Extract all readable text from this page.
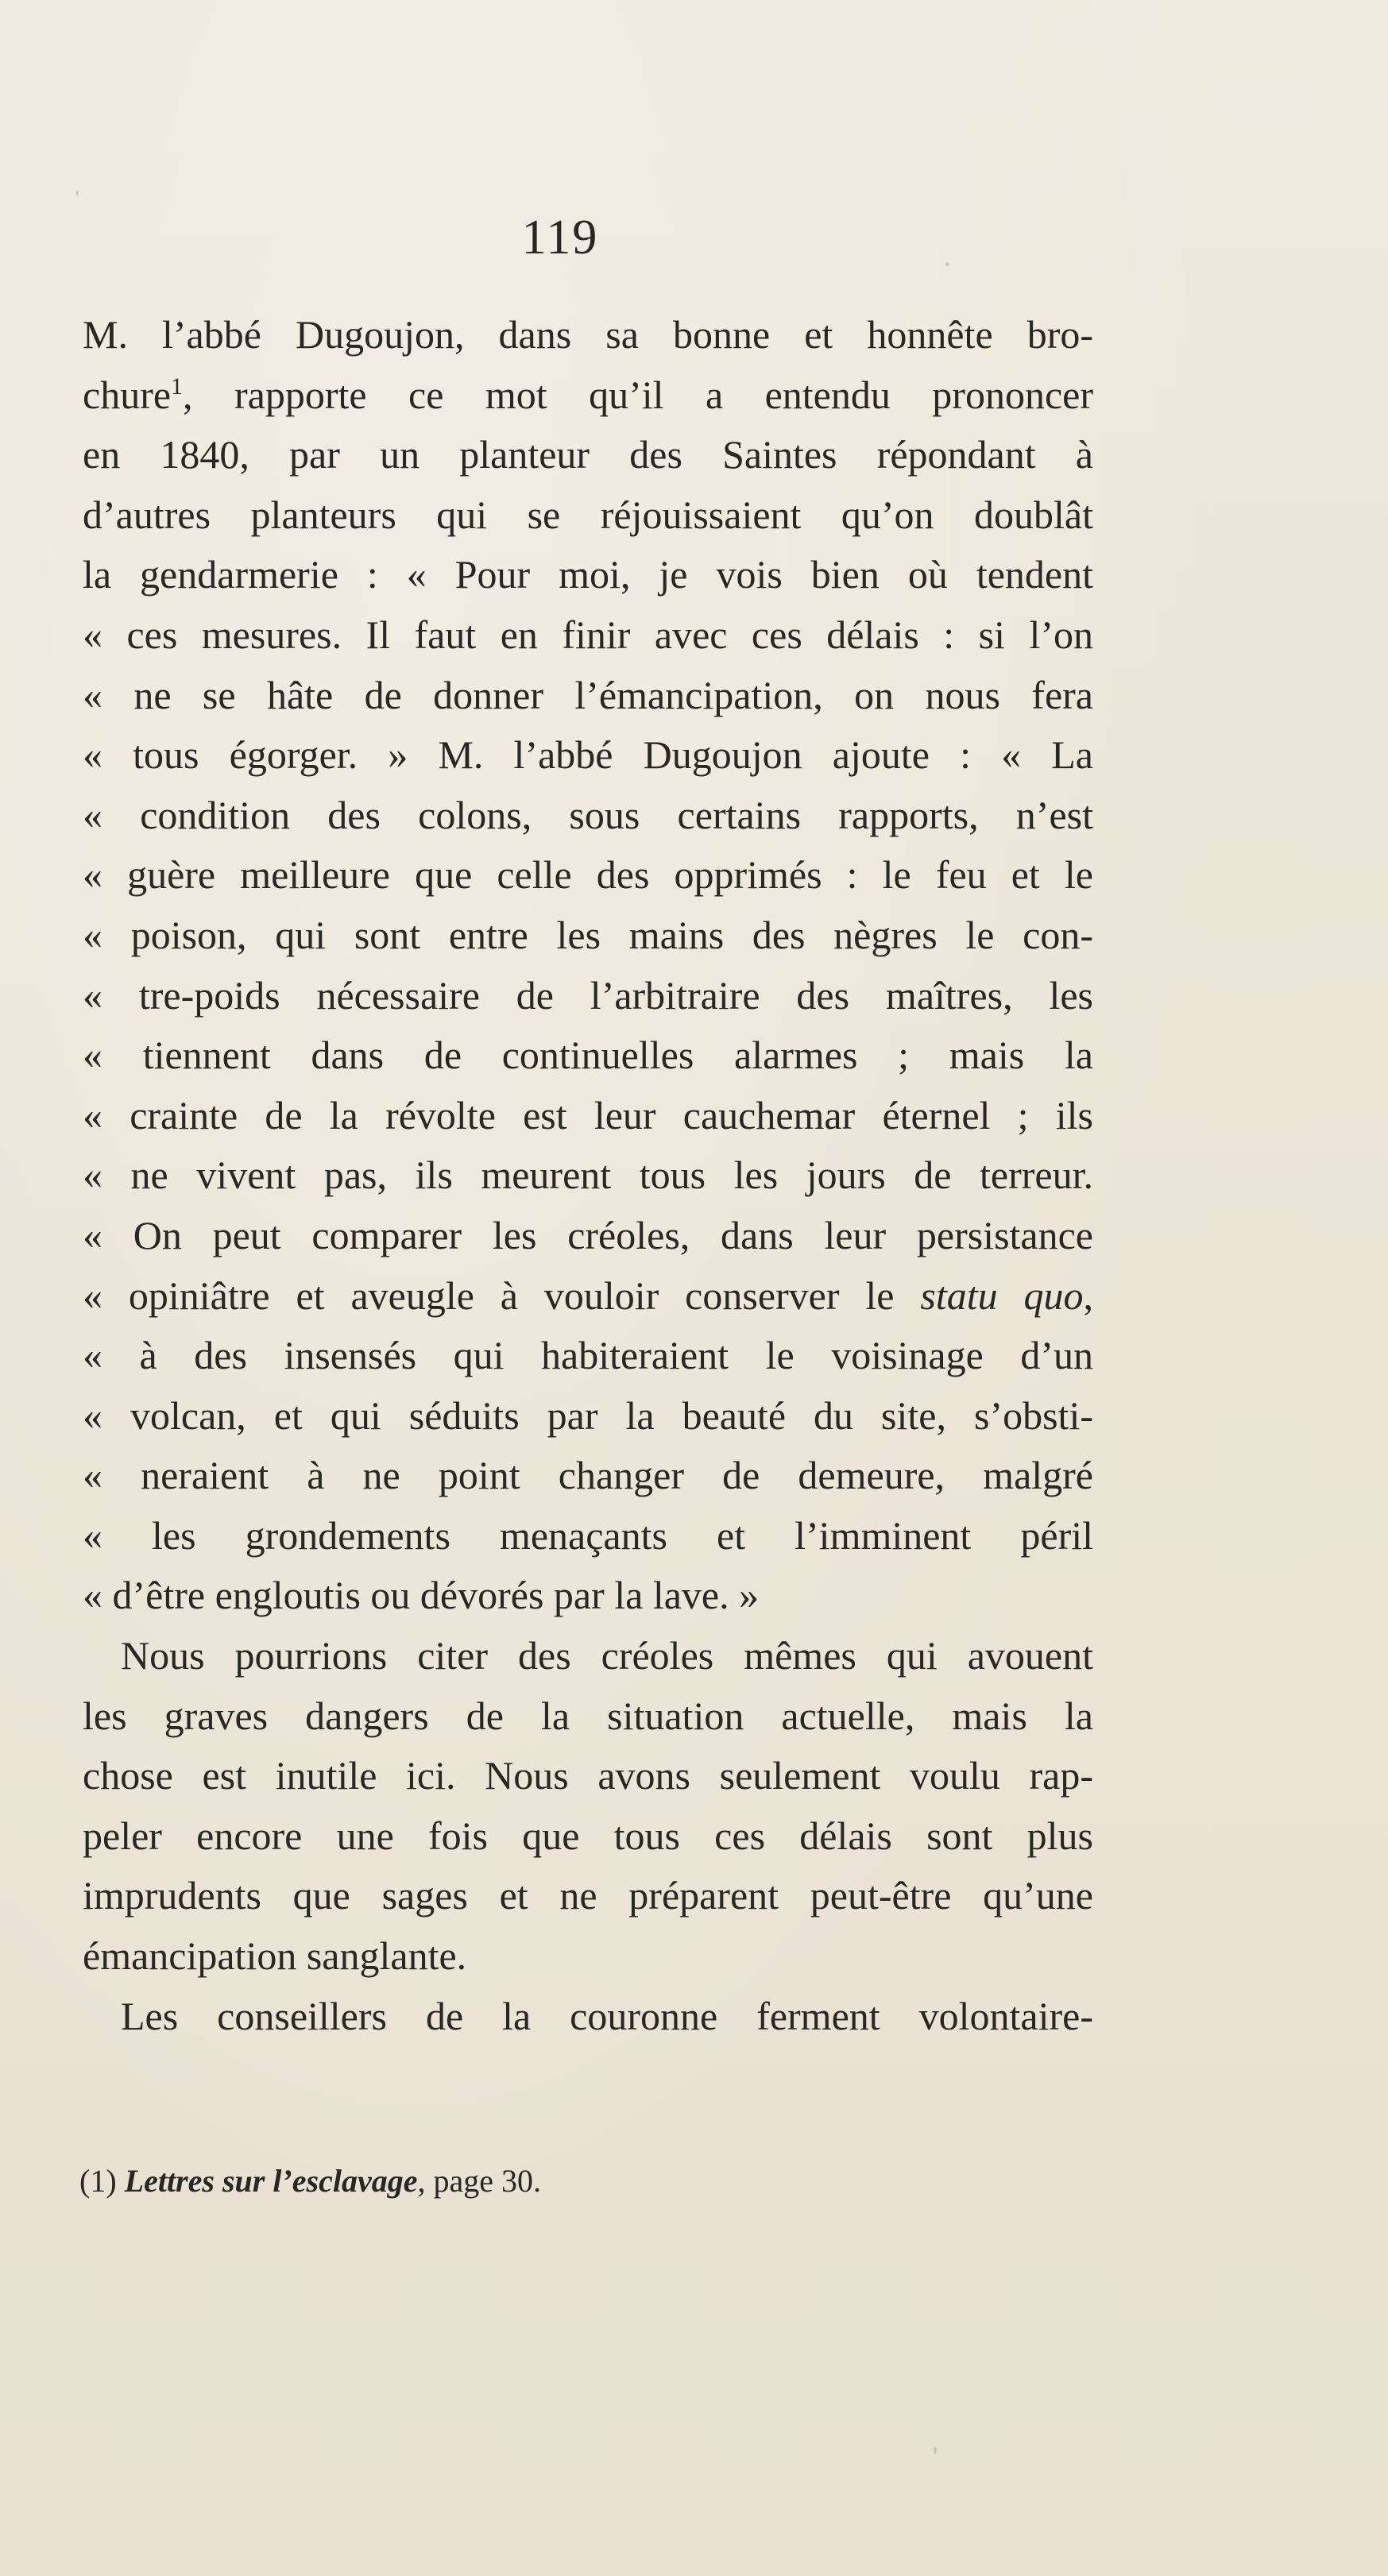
119
M. l’abbé Dugoujon, dans sa bonne et honnête bro-
chure$^1$, rapporte ce mot qu’il a entendu prononcer
en 1840, par un planteur des Saintes répondant à
d’autres planteurs qui se réjouissaient qu’on doublât
la gendarmerie : « Pour moi, je vois bien où tendent
« ces mesures. Il faut en finir avec ces délais : si l’on
« ne se hâte de donner l’émancipation, on nous fera
« tous égorger. » M. l’abbé Dugoujon ajoute : « La
« condition des colons, sous certains rapports, n’est
« guère meilleure que celle des opprimés : le feu et le
« poison, qui sont entre les mains des nègres le con-
« tre-poids nécessaire de l’arbitraire des maîtres, les
« tiennent dans de continuelles alarmes ; mais la
« crainte de la révolte est leur cauchemar éternel ; ils
« ne vivent pas, ils meurent tous les jours de terreur.
« On peut comparer les créoles, dans leur persistance
« opiniâtre et aveugle à vouloir conserver le statu quo,
« à des insensés qui habiteraient le voisinage d’un
« volcan, et qui séduits par la beauté du site, s’obsti-
« neraient à ne point changer de demeure, malgré
« les grondements menaçants et l’imminent péril
« d’être engloutis ou dévorés par la lave. »
Nous pourrions citer des créoles mêmes qui avouent
les graves dangers de la situation actuelle, mais la
chose est inutile ici. Nous avons seulement voulu rap-
peler encore une fois que tous ces délais sont plus
imprudents que sages et ne préparent peut-être qu’une
émancipation sanglante.
Les conseillers de la couronne ferment volontaire-
(1) Lettres sur l’esclavage, page 30.
